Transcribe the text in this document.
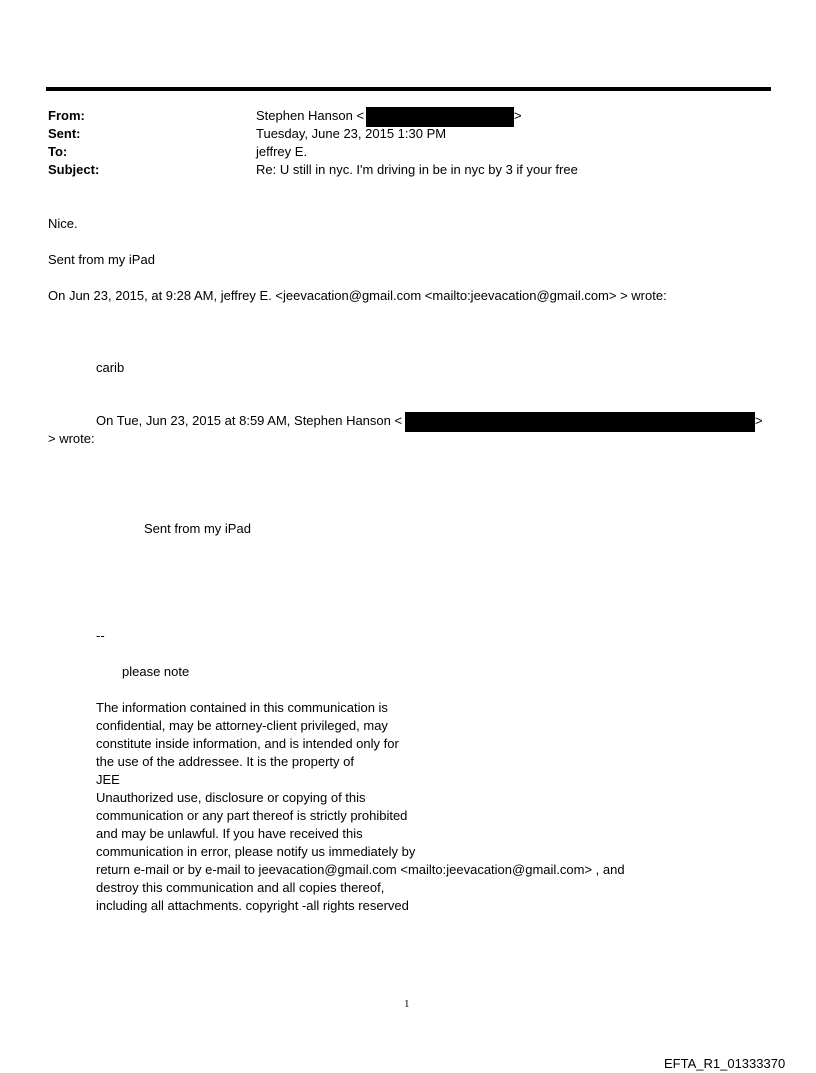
From:
Sent:
To:
Subject:
Stephen Hanson <	>
Tuesday, June 23, 2015 1:30 PM
jeffrey E.
Re: U still in nyc. I'm driving in be in nyc by 3 if your free
Nice.
Sent from my iPad
On Jun 23, 2015, at 9:28 AM, jeffrey E. <jeevacation@gmail.com <mailto:jeevacation@gmail.com> > wrote:
carib
On Tue, Jun 23, 2015 at 8:59 AM, Stephen Hanson <	>
> wrote:
Sent from my iPad
--
please note
The information contained in this communication is
confidential, may be attorney-client privileged, may
constitute inside information, and is intended only for
the use of the addressee. It is the property of
JEE
Unauthorized use, disclosure or copying of this
communication or any part thereof is strictly prohibited
and may be unlawful. If you have received this
communication in error, please notify us immediately by
return e-mail or by e-mail to jeevacation@gmail.com <mailto:jeevacation@gmail.com> , and
destroy this communication and all copies thereof,
including all attachments. copyright -all rights reserved
1
EFTA_R1_01333370
